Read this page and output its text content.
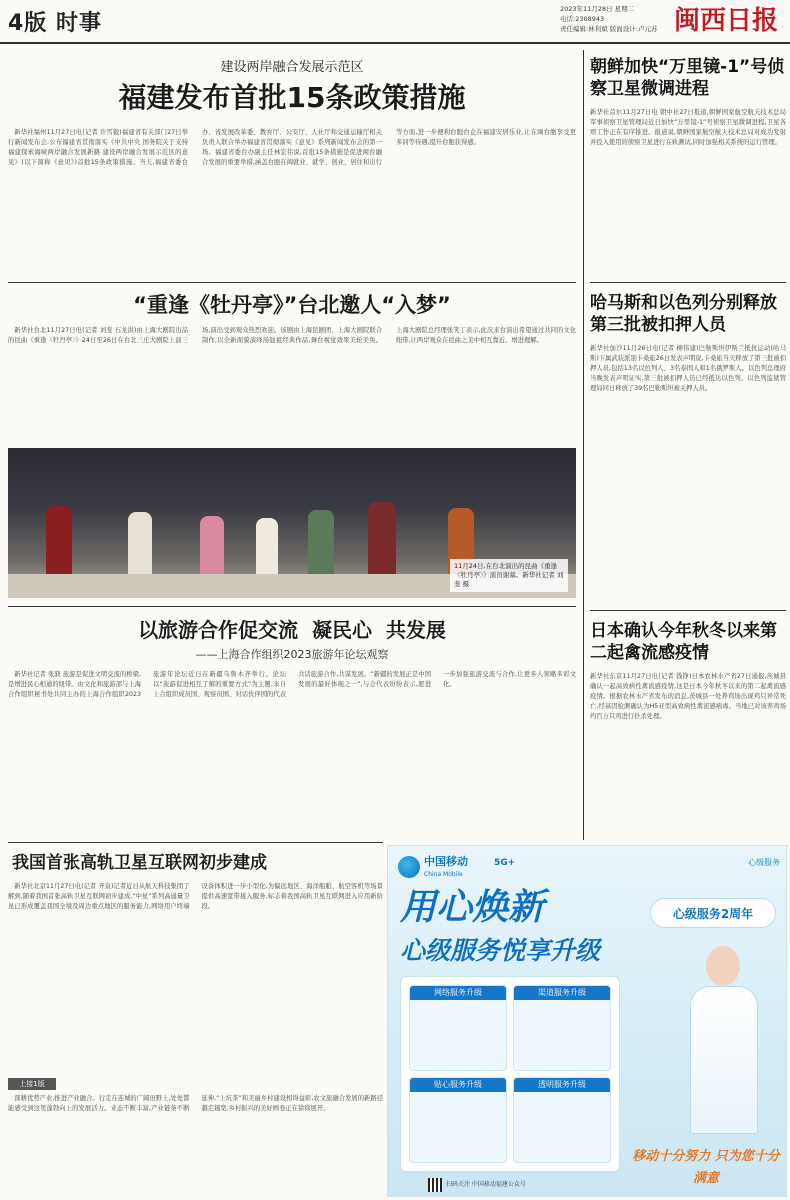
4版 时事
2023年11月28日 星期二
电话:2308943
责任编辑:林利斌 版面设计:卢元苏 闽西日报
建设两岸融合发展示范区
福建发布首批15条政策措施

新华社福州11月27日电(记者 许雪毅)福建省有关部门27日举行新闻发布会,公布福建省贯彻落实《中共中央 国务院关于支持福建探索海峡两岸融合发展新路 建设两岸融合发展示范区的意见》(以下简称《意见》)首批15条政策措施。当天,福建省委台办、省发展改革委、教育厅、公安厅、人社厅和交通运输厅相关负责人联合举办福建省贯彻落实《意见》系列新闻发布会的第一场。福建省委台办副主任林宏伟说,首批15条措施是促进闽台融合发展的重要举措,涵盖台胞在闽就业、就学、创业、居住和出行等方面,进一步便利台胞台企在福建安居乐业,让在闽台胞享受更多同等待遇,提升台胞获得感。

“重逢《牡丹亭》”台北邀人“入梦”

新华社台北11月27日电(记者 刘斐 石龙洪)由上海大剧院出品的昆曲《重逢〈牡丹亭〉》24日至26日在台北三庄大剧院上演三场,演出受到观众热烈欢迎。该剧由上海昆剧团、上海大剧院联合制作,以全新面貌演绎汤显祖经典作品,舞台视觉效果美轮美奂。上海大剧院总经理张笑丁表示,此次来台演出希望通过共同的文化纽带,让两岸观众在昆曲之美中相互靠近、增进理解。

11月24日,在台北演出的昆曲《重逢〈牡丹亭〉》演员谢幕。新华社记者 刘斐 摄
以旅游合作促交流  凝民心  共发展
——上海合作组织2023旅游年论坛观察

新华社记者 张骁 旅游是促进文明交流的桥梁,是增进民心相通的纽带。由文化和旅游部与上海合作组织秘书处共同主办的上海合作组织2023旅游年论坛近日在新疆乌鲁木齐举行。论坛以“旅游促进相互了解的重要方式”为主题,来自上合组织成员国、观察员国、对话伙伴国的代表共话旅游合作,共谋发展。“新疆的发展正是中国发展的最好体现之一”,与会代表纷纷表示,愿进一步加强旅游交流与合作,让更多人领略多彩文化。

我国首张高轨卫星互联网初步建成

新华社北京11月27日电(记者 齐泉)记者近日从航天科技集团了解到,随着我国首张高轨卫星互联网初步建成,“中星”系列高通量卫星已形成覆盖我国全境及周边重点地区的服务能力,网络用户终端设备体积进一步小型化,为偏远地区、海洋船舶、航空客机等场景提供高速宽带接入服务,标志着我国高轨卫星互联网进入应用新阶段。

上接1版

深耕优势产业,推进产业融合。行走在连城的广阔田野上,处处都能感受到这里蓬勃向上的发展活力。业态不断丰富,产业链条不断延伸,“上坑茶”和美丽乡村建设相得益彰,农文旅融合发展的新路径越走越宽,乡村振兴的美好画卷正在徐徐展开。

朝鲜加快“万里镜-1”号侦察卫星微调进程
新华社首尔11月27日电 朝中社27日报道,朝鲜国家航空航天技术总局军事侦察卫星管理局近日加快“万里镜-1”号侦察卫星微调进程,卫星各项工作正在有序推进。报道说,朝鲜国家航空航天技术总局对成功发射并投入使用的侦察卫星进行在轨测试,同时加强相关系统的运行管理。
哈马斯和以色列分别释放第三批被扣押人员
新华社加沙11月26日电(记者 柳伟建)巴勒斯坦伊斯兰抵抗运动(哈马斯)下属武装派别卡桑旅26日发表声明说,卡桑旅当天释放了第三批被扣押人员,包括13名以色列人、3名泰国人和1名俄罗斯人。以色列总理府当晚发表声明证实,第三批被扣押人员已经抵达以色列。以色列监狱管理局同日释放了39名巴勒斯坦被关押人员。
日本确认今年秋冬以来第二起禽流感疫情
新华社东京11月27日电(记者 钱铮)日本农林水产省27日通报,茨城县确认一起高致病性禽流感疫情,这是日本今年秋冬以来的第二起禽流感疫情。根据农林水产省发布的消息,茨城县一处养鸡场出现鸡只异常死亡,经基因检测确认为H5亚型高致病性禽流感病毒。当地已对该养鸡场约百万只鸡进行扑杀处理。
中国移动
China Mobile
5G+	心级服务
用心焕新
心级服务悦享升级
心级服务2周年
网络服务升级	渠道服务升级
贴心服务升级	透明服务升级
扫码关注 中国移动福建公众号
移动十分努力 只为您十分满意
